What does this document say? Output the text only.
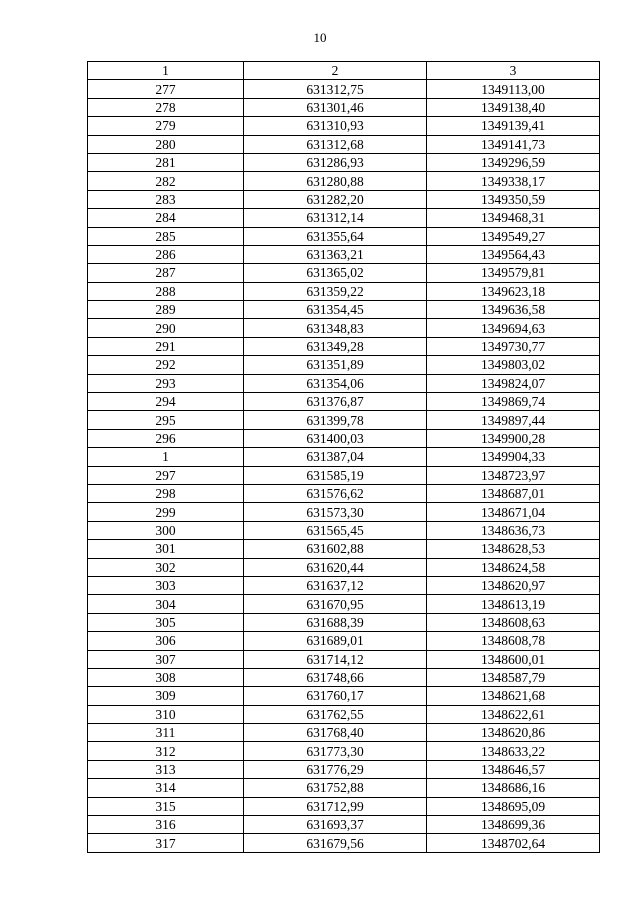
10
1	2	3
277	631312,75	1349113,00
278	631301,46	1349138,40
279	631310,93	1349139,41
280	631312,68	1349141,73
281	631286,93	1349296,59
282	631280,88	1349338,17
283	631282,20	1349350,59
284	631312,14	1349468,31
285	631355,64	1349549,27
286	631363,21	1349564,43
287	631365,02	1349579,81
288	631359,22	1349623,18
289	631354,45	1349636,58
290	631348,83	1349694,63
291	631349,28	1349730,77
292	631351,89	1349803,02
293	631354,06	1349824,07
294	631376,87	1349869,74
295	631399,78	1349897,44
296	631400,03	1349900,28
1	631387,04	1349904,33
297	631585,19	1348723,97
298	631576,62	1348687,01
299	631573,30	1348671,04
300	631565,45	1348636,73
301	631602,88	1348628,53
302	631620,44	1348624,58
303	631637,12	1348620,97
304	631670,95	1348613,19
305	631688,39	1348608,63
306	631689,01	1348608,78
307	631714,12	1348600,01
308	631748,66	1348587,79
309	631760,17	1348621,68
310	631762,55	1348622,61
311	631768,40	1348620,86
312	631773,30	1348633,22
313	631776,29	1348646,57
314	631752,88	1348686,16
315	631712,99	1348695,09
316	631693,37	1348699,36
317	631679,56	1348702,64
